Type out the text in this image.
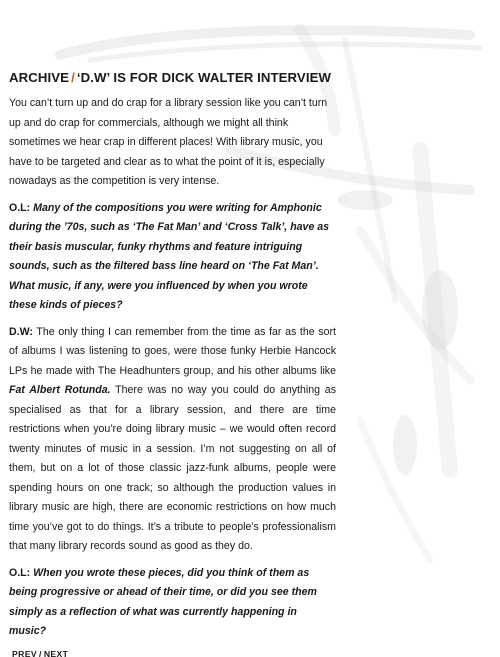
ARCHIVE / ‘D.W’ IS FOR DICK WALTER INTERVIEW

You can’t turn up and do crap for a library session like you can’t turn up and do crap for commercials, although we might all think sometimes we hear crap in different places! With library music, you have to be targeted and clear as to what the point of it is, especially nowadays as the competition is very intense.

O.L: Many of the compositions you were writing for Amphonic during the ’70s, such as ‘The Fat Man’ and ‘Cross Talk’, have as their basis muscular, funky rhythms and feature intriguing sounds, such as the filtered bass line heard on ‘The Fat Man’. What music, if any, were you influenced by when you wrote these kinds of pieces?

D.W: The only thing I can remember from the time as far as the sort of albums I was listening to goes, were those funky Herbie Hancock LPs he made with The Headhunters group, and his other albums like Fat Albert Rotunda. There was no way you could do anything as specialised as that for a library session, and there are time restrictions when you’re doing library music – we would often record twenty minutes of music in a session. I’m not suggesting on all of them, but on a lot of those classic jazz-funk albums, people were spending hours on one track; so although the production values in library music are high, there are economic restrictions on how much time you’ve got to do things. It’s a tribute to people’s professionalism that many library records sound as good as they do.

O.L: When you wrote these pieces, did you think of them as being progressive or ahead of their time, or did you see them simply as a reflection of what was currently happening in music?

PREV / NEXT
